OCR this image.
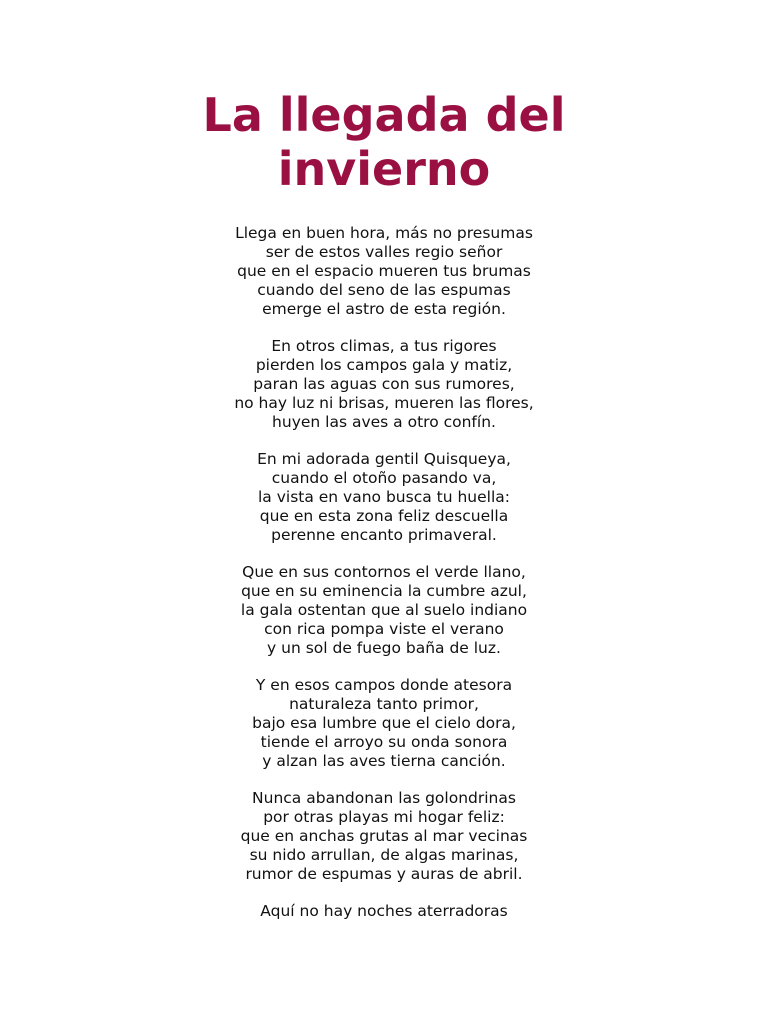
La llegada del
invierno
Llega en buen hora, más no presumas
ser de estos valles regio señor
que en el espacio mueren tus brumas
cuando del seno de las espumas
emerge el astro de esta región.
En otros climas, a tus rigores
pierden los campos gala y matiz,
paran las aguas con sus rumores,
no hay luz ni brisas, mueren las flores,
huyen las aves a otro confín.
En mi adorada gentil Quisqueya,
cuando el otoño pasando va,
la vista en vano busca tu huella:
que en esta zona feliz descuella
perenne encanto primaveral.
Que en sus contornos el verde llano,
que en su eminencia la cumbre azul,
la gala ostentan que al suelo indiano
con rica pompa viste el verano
y un sol de fuego baña de luz.
Y en esos campos donde atesora
naturaleza tanto primor,
bajo esa lumbre que el cielo dora,
tiende el arroyo su onda sonora
y alzan las aves tierna canción.
Nunca abandonan las golondrinas
por otras playas mi hogar feliz:
que en anchas grutas al mar vecinas
su nido arrullan, de algas marinas,
rumor de espumas y auras de abril.
Aquí no hay noches aterradoras
